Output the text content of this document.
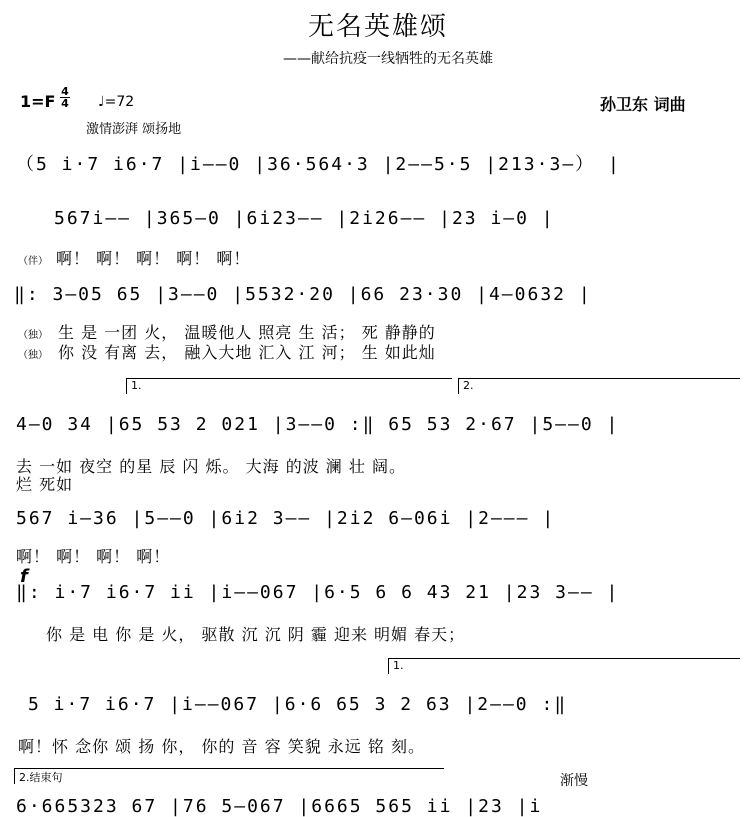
无名英雄颂
——献给抗疫一线牺牲的无名英雄
1=F
4
4 ♩=72
激情澎湃 颂扬地
孙卫东 词曲
（5 i·7 i6·7 |i——0 |36·564·3 |2——5·5 |213·3—） |
567i—— |365—0 |6i23—— |2i26—— |23 i—0 |
（伴） 啊！ 啊！ 啊！ 啊！ 啊！
‖: 3—05 65 |3——0 |5532·20 |66 23·30 |4—0632 |
（独） 生 是 一团 火， 温暖他人 照亮 生 活； 死 静静的
（独） 你 没 有离 去， 融入大地 汇入 江 河； 生 如此灿
1.	2.
4—0 34 |65 53 2 021 |3——0 :‖ 65 53 2·67 |5——0 |
去 一如 夜空 的星 辰 闪 烁。 大海 的波 澜 壮 阔。
烂 死如
567 i—36 |5——0 |6i2 3—— |2i2 6—06i |2——— |
啊！ 啊！ 啊！ 啊！
f
‖: i·7 i6·7 ii |i——067 |6·5 6 6 43 21 |23 3—— |
你 是 电 你 是 火， 驱散 沉 沉 阴 霾 迎来 明媚 春天；
1.
5 i·7 i6·7 |i——067 |6·6 65 3 2 63 |2——0 :‖
啊！怀 念你 颂 扬 你， 你的 音 容 笑貌 永远 铭 刻。
2.结束句	渐慢
6·665323 67 |76 5—067 |6665 565 ii |23 |i
